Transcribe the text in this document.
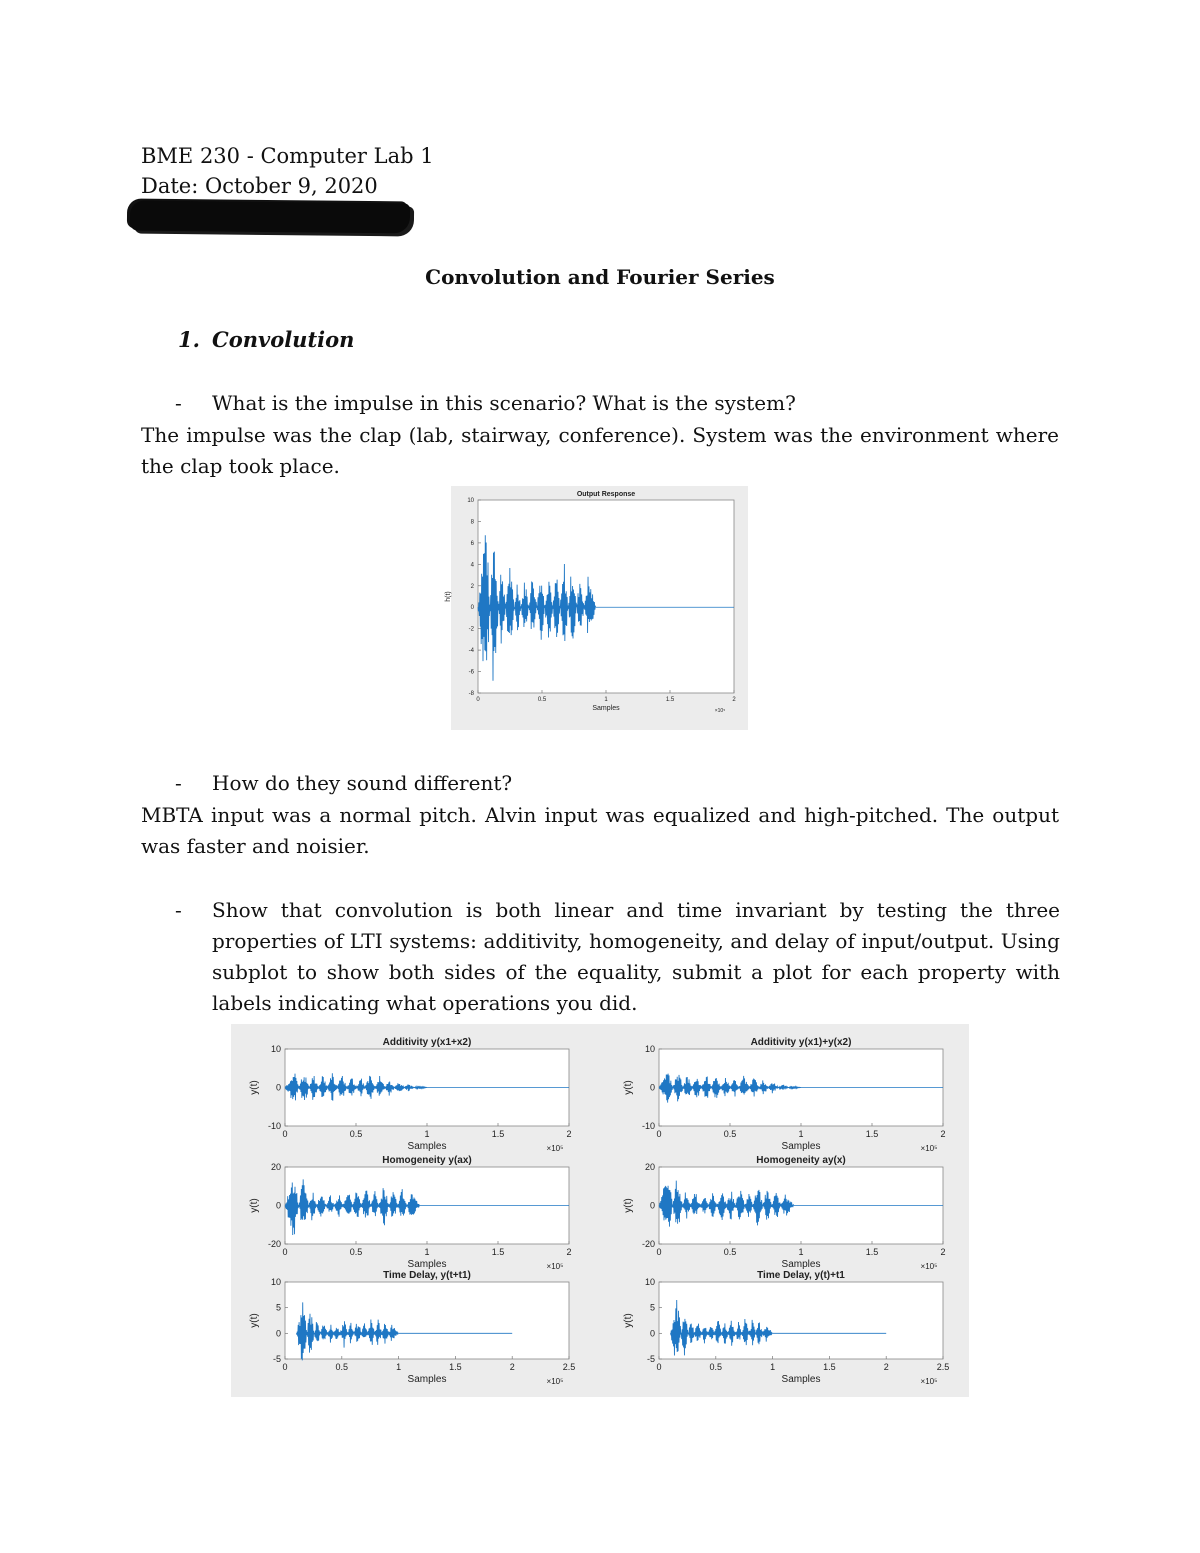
BME 230 - Computer Lab 1
Date: October 9, 2020
Convolution and Fourier Series
1. Convolution
- What is the impulse in this scenario? What is the system?
The impulse was the clap (lab, stairway, conference). System was the environment where the clap took place.
Output Response
0	0.5	1	1.5	2
Samples	×10⁵
-8
-6
-4
-2
0
2
4
6
8
10
h(t)
- How do they sound different?
MBTA input was a normal pitch. Alvin input was equalized and high-pitched. The output was faster and noisier.
- Show that convolution is both linear and time invariant by testing the three properties of LTI systems: additivity, homogeneity, and delay of input/output. Using subplot to show both sides of the equality, submit a plot for each property with labels indicating what operations you did.
Additivity y(x1+x2)
0	0.5	1	1.5	2
Samples	×10⁵
-10
0
10
y(t)
Additivity y(x1)+y(x2)
0	0.5	1	1.5	2
Samples	×10⁵
-10
0
10
y(t)
Homogeneity y(ax)
0	0.5	1	1.5	2
Samples	×10⁵
-20
0
20
y(t)
Homogeneity ay(x)
0	0.5	1	1.5	2
Samples	×10⁵
-20
0
20
y(t)
Time Delay, y(t+t1)
0	0.5	1	1.5	2	2.5
Samples	×10⁵
-5
0
5
10
y(t)
Time Delay, y(t)+t1
0	0.5	1	1.5	2	2.5
Samples	×10⁵
-5
0
5
10
y(t)
